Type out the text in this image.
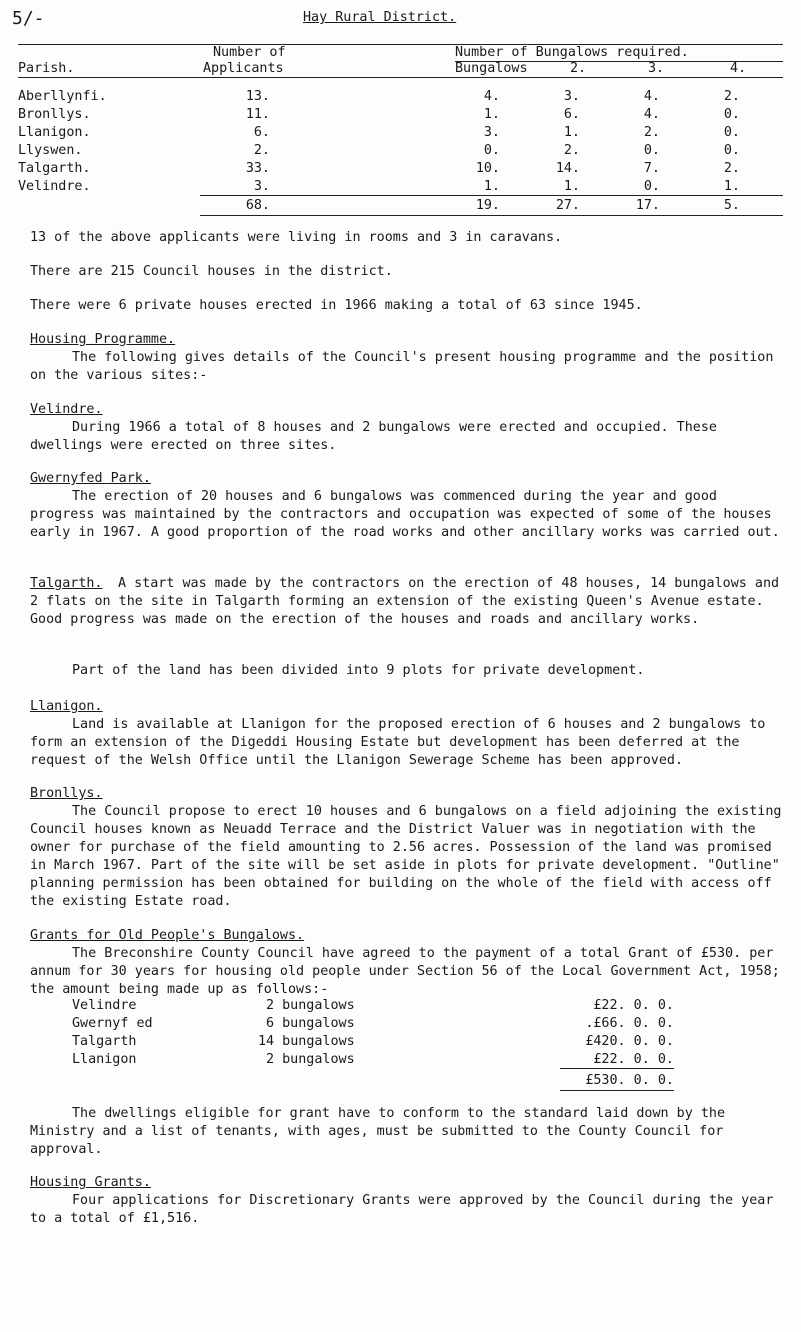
5/-	Hay Rural District.
Number of
Applicants
Parish.
Number of Bungalows required.
Bungalows	2.	3.	4.
Aberllynfi.	13.	4.	3.	4.	2.
Bronllys.	11.	1.	6.	4.	0.
Llanigon.	6.	3.	1.	2.	0.
Llyswen.	2.	0.	2.	0.	0.
Talgarth.	33.	10.	14.	7.	2.
Velindre.	3.	1.	1.	0.	1.
68.	19.	27.	17.	5.
13 of the above applicants were living in rooms and 3 in caravans.
There are 215 Council houses in the district.
There were 6 private houses erected in 1966 making a total of 63 since 1945.
Housing Programme.
The following gives details of the Council's present housing programme and the position on the various sites:-
Velindre.
During 1966 a total of 8 houses and 2 bungalows were erected and occupied. These dwellings were erected on three sites.
Gwernyfed Park.
The erection of 20 houses and 6 bungalows was commenced during the year and good progress was maintained by the contractors and occupation was expected of some of the houses early in 1967. A good proportion of the road works and other ancillary works was carried out.
Talgarth.	A start was made by the contractors on the erection of 48 houses, 14 bungalows and 2 flats on the site in Talgarth forming an extension of the existing Queen's Avenue estate. Good progress was made on the erection of the houses and roads and ancillary works.
Part of the land has been divided into 9 plots for private development.
Llanigon.
Land is available at Llanigon for the proposed erection of 6 houses and 2 bungalows to form an extension of the Digeddi Housing Estate but development has been deferred at the request of the Welsh Office until the Llanigon Sewerage Scheme has been approved.
Bronllys.
The Council propose to erect 10 houses and 6 bungalows on a field adjoining the existing Council houses known as Neuadd Terrace and the District Valuer was in negotiation with the owner for purchase of the field amounting to 2.56 acres. Possession of the land was promised in March 1967. Part of the site will be set aside in plots for private development. "Outline" planning permission has been obtained for building on the whole of the field with access off the existing Estate road.
Grants for Old People's Bungalows.
The Breconshire County Council have agreed to the payment of a total Grant of £530. per annum for 30 years for housing old people under Section 56 of the Local Government Act, 1958; the amount being made up as follows:-
Velindre	2 bungalows	£22. 0. 0.
Gwernyf ed	6 bungalows	.£66. 0. 0.
Talgarth	14 bungalows	£420. 0. 0.
Llanigon	2 bungalows	£22. 0. 0.
£530. 0. 0.
The dwellings eligible for grant have to conform to the standard laid down by the Ministry and a list of tenants, with ages, must be submitted to the County Council for approval.
Housing Grants.
Four applications for Discretionary Grants were approved by the Council during the year to a total of £1,516.
